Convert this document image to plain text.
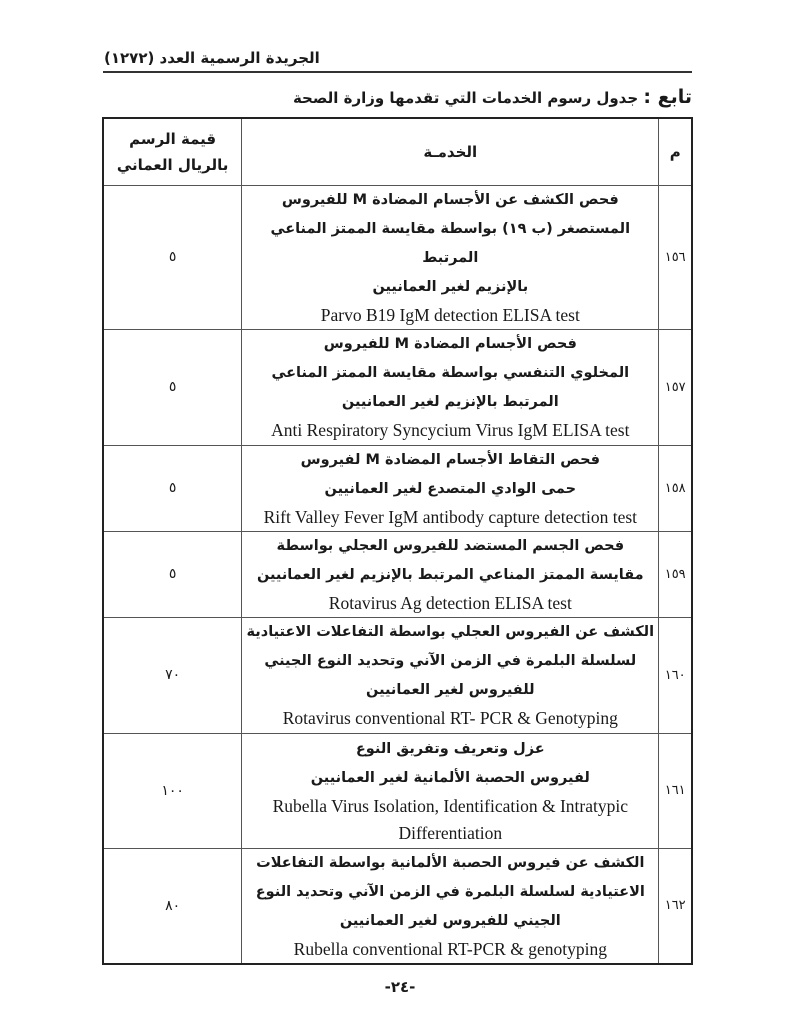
الجريدة الرسمية العدد (١٢٧٢)
تابع : جدول رسوم الخدمات التي تقدمها وزارة الصحة
م	الخدمـة	قيمة الرسم
بالريال العماني

١٥٦	فحص الكشف عن الأجسام المضادة M للفيروس
المستصغر (ب ١٩) بواسطة مقايسة الممتز المناعي المرتبط
بالإنزيم لغير العمانيين
Parvo B19 IgM detection ELISA test	٥
١٥٧	فحص الأجسام المضادة M للفيروس
المخلوي التنفسي بواسطة مقايسة الممتز المناعي
المرتبط بالإنزيم لغير العمانيين
Anti Respiratory Syncycium Virus IgM ELISA test	٥
١٥٨	فحص التقاط الأجسام المضادة M لفيروس
حمى الوادي المتصدع لغير العمانيين
Rift Valley Fever IgM antibody capture detection test	٥
١٥٩	فحص الجسم المستضد للفيروس العجلي بواسطة
مقايسة الممتز المناعي المرتبط بالإنزيم لغير العمانيين
Rotavirus Ag detection ELISA test	٥
١٦٠	الكشف عن الفيروس العجلي بواسطة التفاعلات الاعتيادية
لسلسلة البلمرة في الزمن الآني وتحديد النوع الجيني
للفيروس لغير العمانيين
Rotavirus conventional RT- PCR & Genotyping	٧٠
١٦١	عزل وتعريف وتفريق النوع
لفيروس الحصبة الألمانية لغير العمانيين
Rubella Virus Isolation, Identification & Intratypic
Differentiation	١٠٠
١٦٢	الكشف عن فيروس الحصبة الألمانية بواسطة التفاعلات
الاعتيادية لسلسلة البلمرة في الزمن الآني وتحديد النوع
الجيني للفيروس لغير العمانيين
Rubella conventional RT-PCR & genotyping	٨٠
-٢٤-
